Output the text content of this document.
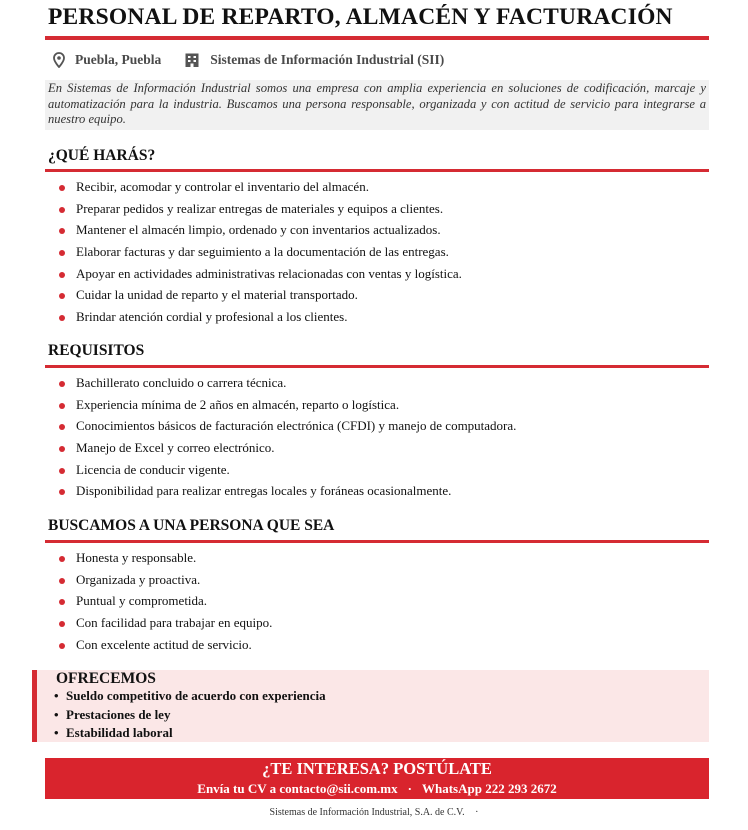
PERSONAL DE REPARTO, ALMACÉN Y FACTURACIÓN
Puebla, Puebla	Sistemas de Información Industrial (SII)
En Sistemas de Información Industrial somos una empresa con amplia experiencia en soluciones de codificación, marcaje y automatización para la industria. Buscamos una persona responsable, organizada y con actitud de servicio para integrarse a nuestro equipo.
¿QUÉ HARÁS?
Recibir, acomodar y controlar el inventario del almacén.
Preparar pedidos y realizar entregas de materiales y equipos a clientes.
Mantener el almacén limpio, ordenado y con inventarios actualizados.
Elaborar facturas y dar seguimiento a la documentación de las entregas.
Apoyar en actividades administrativas relacionadas con ventas y logística.
Cuidar la unidad de reparto y el material transportado.
Brindar atención cordial y profesional a los clientes.
REQUISITOS
Bachillerato concluido o carrera técnica.
Experiencia mínima de 2 años en almacén, reparto o logística.
Conocimientos básicos de facturación electrónica (CFDI) y manejo de computadora.
Manejo de Excel y correo electrónico.
Licencia de conducir vigente.
Disponibilidad para realizar entregas locales y foráneas ocasionalmente.
BUSCAMOS A UNA PERSONA QUE SEA
Honesta y responsable.
Organizada y proactiva.
Puntual y comprometida.
Con facilidad para trabajar en equipo.
Con excelente actitud de servicio.
OFRECEMOS
• Sueldo competitivo de acuerdo con experiencia
• Prestaciones de ley
• Estabilidad laboral
¿TE INTERESA? POSTÚLATE
Envía tu CV a contacto@sii.com.mx · WhatsApp 222 293 2672
Sistemas de Información Industrial, S.A. de C.V. ·
